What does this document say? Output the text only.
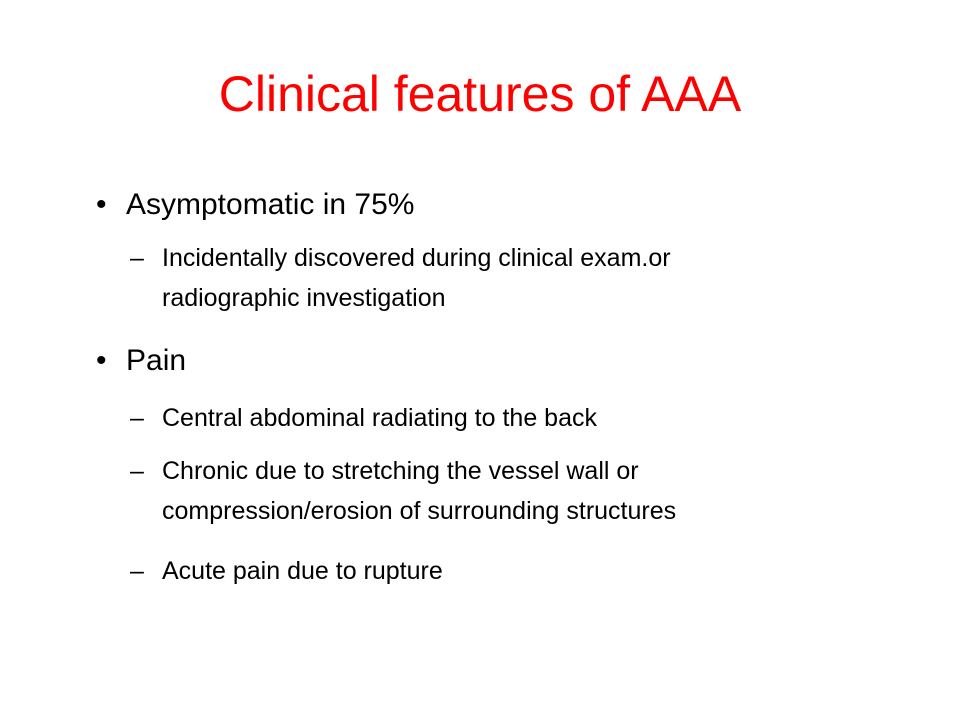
Clinical features of AAA
• Asymptomatic in 75%
–

Incidentally discovered during clinical exam.or

radiographic investigation

• Pain
–

Central abdominal radiating to the back

–

Chronic due to stretching the vessel wall or

compression/erosion of surrounding structures

–

Acute pain due to rupture
